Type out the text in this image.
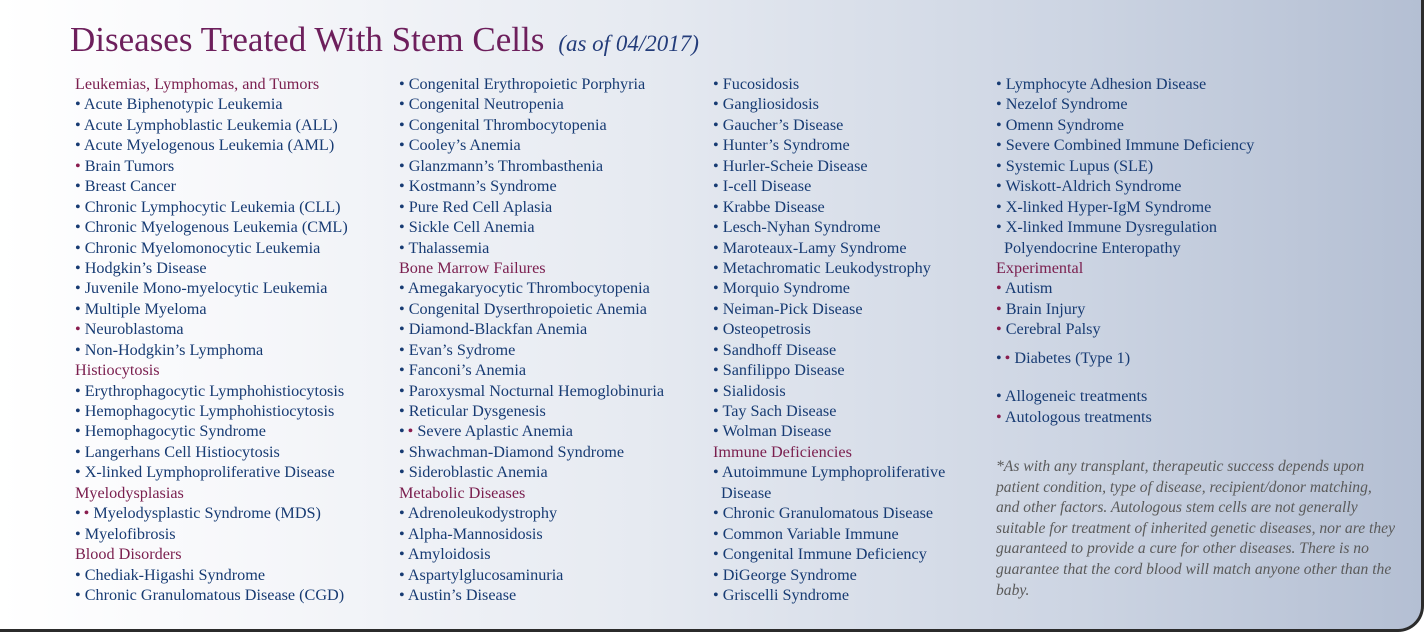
Diseases Treated With Stem Cells (as of 04/2017)
Leukemias, Lymphomas, and Tumors
• Acute Biphenotypic Leukemia
• Acute Lymphoblastic Leukemia (ALL)
• Acute Myelogenous Leukemia (AML)
• Brain Tumors
• Breast Cancer
• Chronic Lymphocytic Leukemia (CLL)
• Chronic Myelogenous Leukemia (CML)
• Chronic Myelomonocytic Leukemia
• Hodgkin’s Disease
• Juvenile Mono-myelocytic Leukemia
• Multiple Myeloma
• Neuroblastoma
• Non-Hodgkin’s Lymphoma
Histiocytosis
• Erythrophagocytic Lymphohistiocytosis
• Hemophagocytic Lymphohistiocytosis
• Hemophagocytic Syndrome
• Langerhans Cell Histiocytosis
• X-linked Lymphoproliferative Disease
Myelodysplasias
• • Myelodysplastic Syndrome (MDS)
• Myelofibrosis
Blood Disorders
• Chediak-Higashi Syndrome
• Chronic Granulomatous Disease (CGD)
• Congenital Erythropoietic Porphyria
• Congenital Neutropenia
• Congenital Thrombocytopenia
• Cooley’s Anemia
• Glanzmann’s Thrombasthenia
• Kostmann’s Syndrome
• Pure Red Cell Aplasia
• Sickle Cell Anemia
• Thalassemia
Bone Marrow Failures
• Amegakaryocytic Thrombocytopenia
• Congenital Dyserthropoietic Anemia
• Diamond-Blackfan Anemia
• Evan’s Sydrome
• Fanconi’s Anemia
• Paroxysmal Nocturnal Hemoglobinuria
• Reticular Dysgenesis
• • Severe Aplastic Anemia
• Shwachman-Diamond Syndrome
• Sideroblastic Anemia
Metabolic Diseases
• Adrenoleukodystrophy
• Alpha-Mannosidosis
• Amyloidosis
• Aspartylglucosaminuria
• Austin’s Disease
• Fucosidosis
• Gangliosidosis
• Gaucher’s Disease
• Hunter’s Syndrome
• Hurler-Scheie Disease
• I-cell Disease
• Krabbe Disease
• Lesch-Nyhan Syndrome
• Maroteaux-Lamy Syndrome
• Metachromatic Leukodystrophy
• Morquio Syndrome
• Neiman-Pick Disease
• Osteopetrosis
• Sandhoff Disease
• Sanfilippo Disease
• Sialidosis
• Tay Sach Disease
• Wolman Disease
Immune Deficiencies
• Autoimmune Lymphoproliferative
Disease
• Chronic Granulomatous Disease
• Common Variable Immune
• Congenital Immune Deficiency
• DiGeorge Syndrome
• Griscelli Syndrome
• Lymphocyte Adhesion Disease
• Nezelof Syndrome
• Omenn Syndrome
• Severe Combined Immune Deficiency
• Systemic Lupus (SLE)
• Wiskott-Aldrich Syndrome
• X-linked Hyper-IgM Syndrome
• X-linked Immune Dysregulation
Polyendocrine Enteropathy
Experimental
• Autism
• Brain Injury
• Cerebral Palsy
• • Diabetes (Type 1)
• Allogeneic treatments
• Autologous treatments
*As with any transplant, therapeutic success depends upon patient condition, type of disease, recipient/donor matching, and other factors. Autologous stem cells are not generally suitable for treatment of inherited genetic diseases, nor are they guaranteed to provide a cure for other diseases. There is no guarantee that the cord blood will match anyone other than the baby.
